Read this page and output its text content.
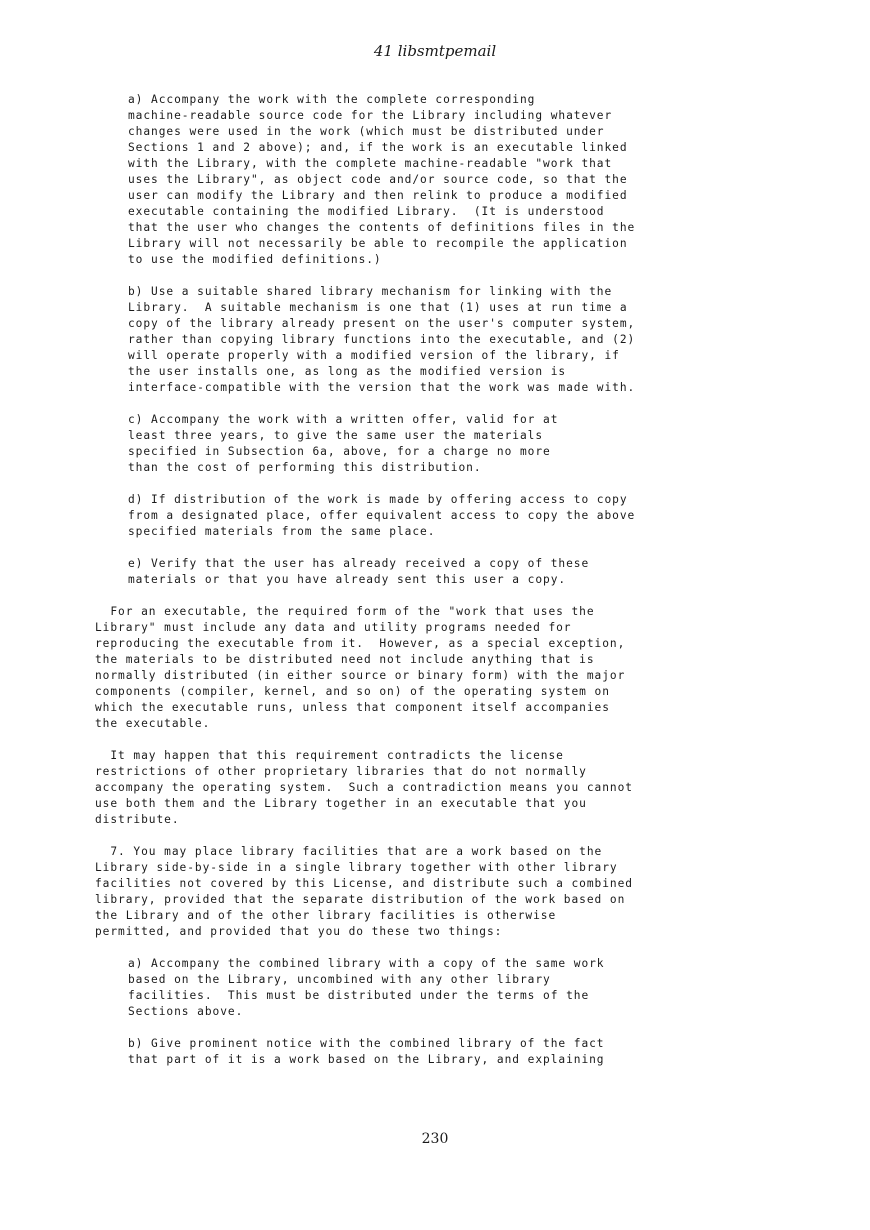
41 libsmtpemail
a) Accompany the work with the complete corresponding
machine-readable source code for the Library including whatever
changes were used in the work (which must be distributed under
Sections 1 and 2 above); and, if the work is an executable linked
with the Library, with the complete machine-readable "work that
uses the Library", as object code and/or source code, so that the
user can modify the Library and then relink to produce a modified
executable containing the modified Library.  (It is understood
that the user who changes the contents of definitions files in the
Library will not necessarily be able to recompile the application
to use the modified definitions.)
b) Use a suitable shared library mechanism for linking with the
Library.  A suitable mechanism is one that (1) uses at run time a
copy of the library already present on the user's computer system,
rather than copying library functions into the executable, and (2)
will operate properly with a modified version of the library, if
the user installs one, as long as the modified version is
interface-compatible with the version that the work was made with.
c) Accompany the work with a written offer, valid for at
least three years, to give the same user the materials
specified in Subsection 6a, above, for a charge no more
than the cost of performing this distribution.
d) If distribution of the work is made by offering access to copy
from a designated place, offer equivalent access to copy the above
specified materials from the same place.
e) Verify that the user has already received a copy of these
materials or that you have already sent this user a copy.
For an executable, the required form of the "work that uses the
Library" must include any data and utility programs needed for
reproducing the executable from it.  However, as a special exception,
the materials to be distributed need not include anything that is
normally distributed (in either source or binary form) with the major
components (compiler, kernel, and so on) of the operating system on
which the executable runs, unless that component itself accompanies
the executable.
It may happen that this requirement contradicts the license
restrictions of other proprietary libraries that do not normally
accompany the operating system.  Such a contradiction means you cannot
use both them and the Library together in an executable that you
distribute.
7. You may place library facilities that are a work based on the
Library side-by-side in a single library together with other library
facilities not covered by this License, and distribute such a combined
library, provided that the separate distribution of the work based on
the Library and of the other library facilities is otherwise
permitted, and provided that you do these two things:
a) Accompany the combined library with a copy of the same work
based on the Library, uncombined with any other library
facilities.  This must be distributed under the terms of the
Sections above.
b) Give prominent notice with the combined library of the fact
that part of it is a work based on the Library, and explaining
230
